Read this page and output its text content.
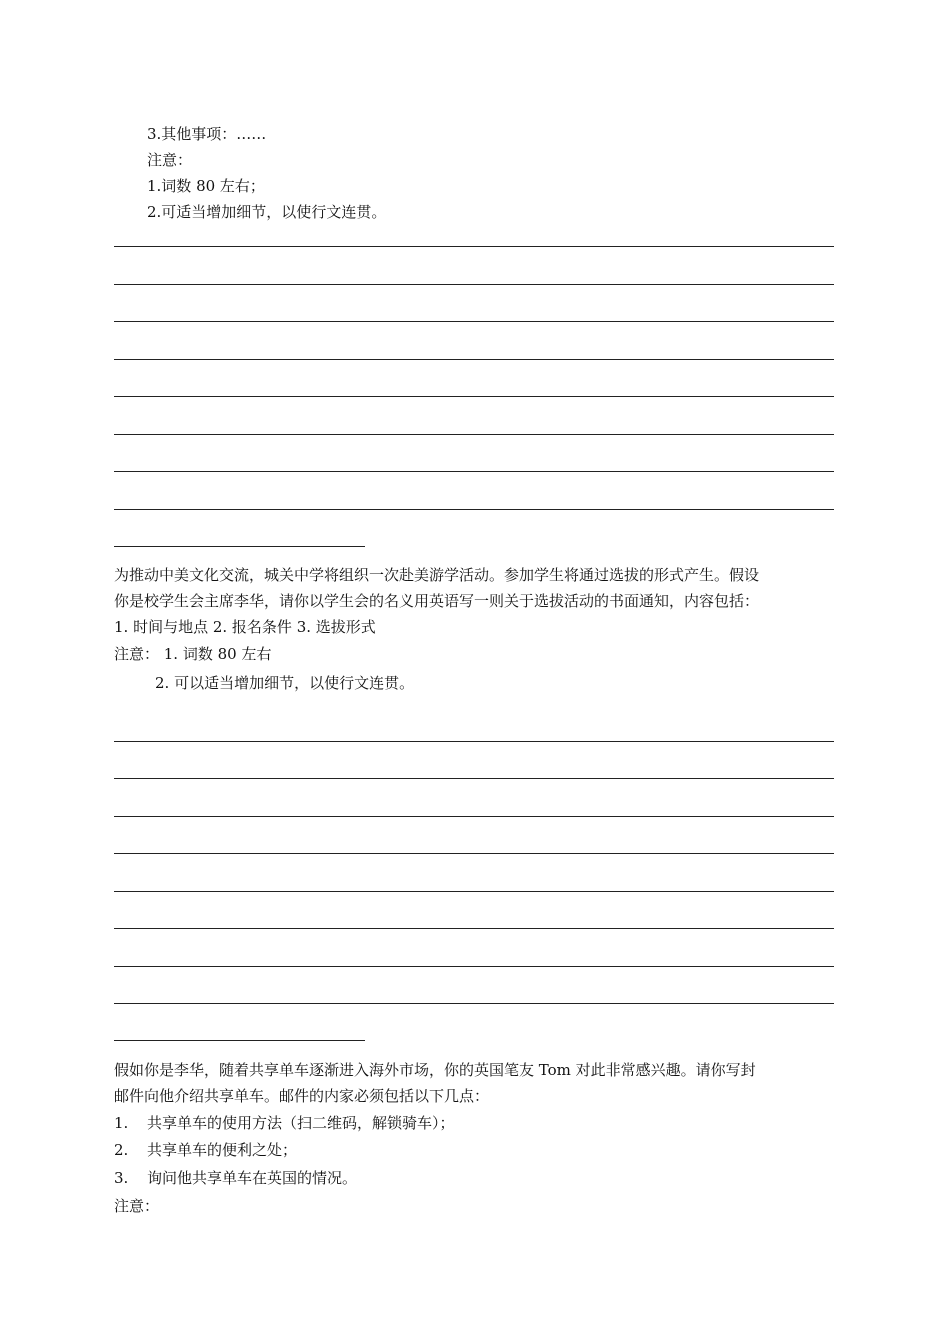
3.其他事项：……
注意：
1.词数 80 左右；
2.可适当增加细节，以使行文连贯。
为推动中美文化交流，城关中学将组织一次赴美游学活动。参加学生将通过选拔的形式产生。假设
你是校学生会主席李华，请你以学生会的名义用英语写一则关于选拔活动的书面通知，内容包括：
1. 时间与地点 2. 报名条件 3. 选拔形式
注意： 1. 词数 80 左右
2. 可以适当增加细节，以使行文连贯。
假如你是李华，随着共享单车逐渐进入海外市场，你的英国笔友 Tom 对此非常感兴趣。请你写封
邮件向他介绍共享单车。邮件的内家必须包括以下几点：
1. 共享单车的使用方法（扫二维码，解锁骑车）；
2. 共享单车的便利之处；
3. 询问他共享单车在英国的情况。
注意：
